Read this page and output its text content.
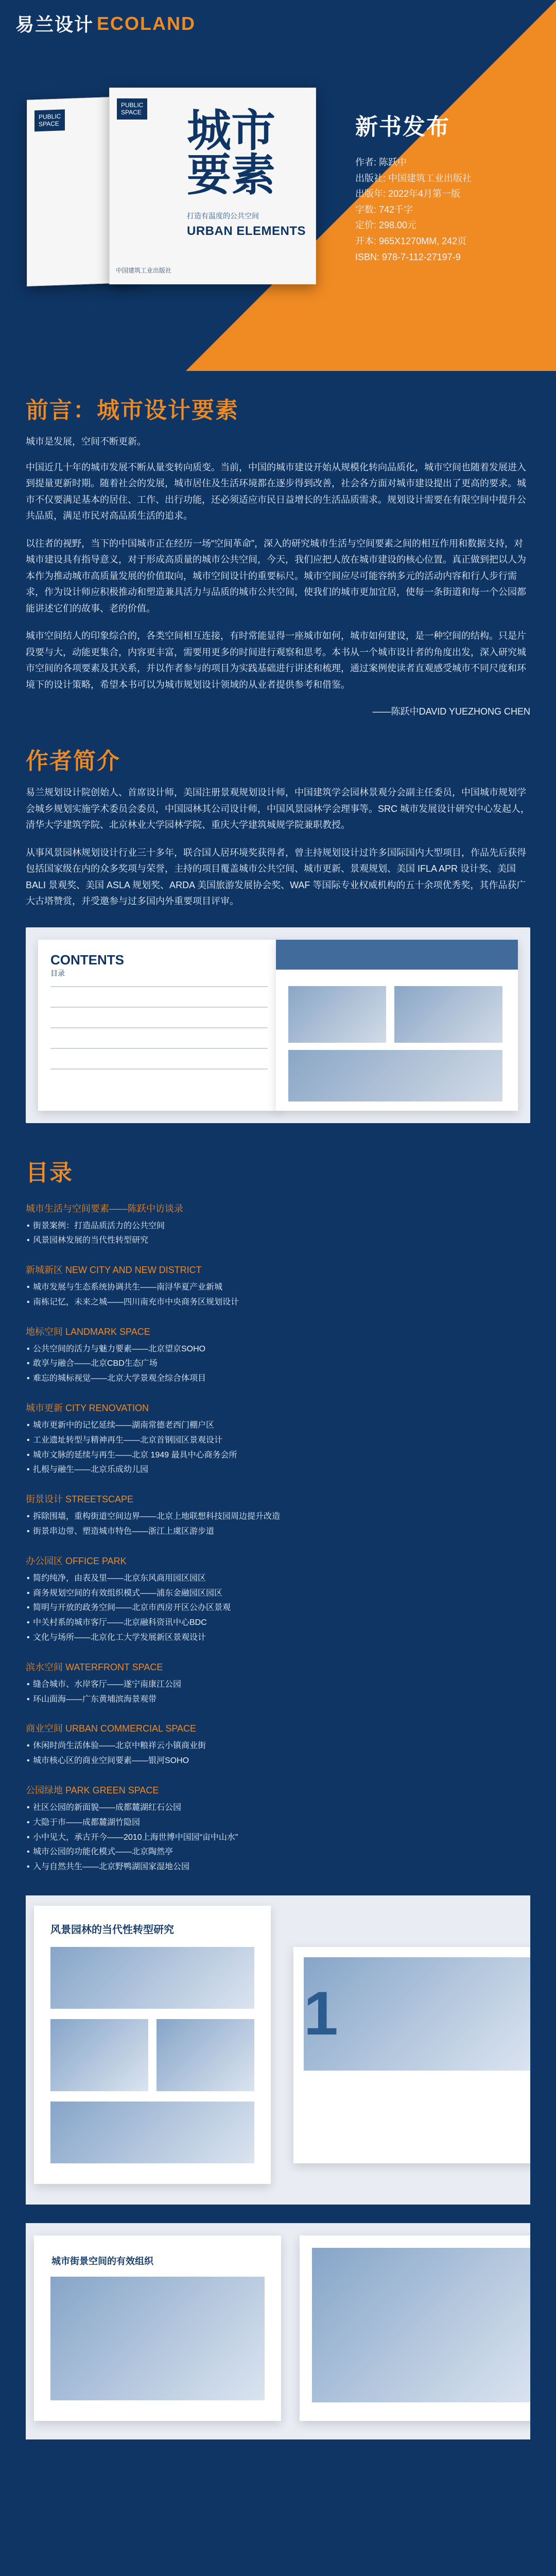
易兰设计 ECOLAND
PUBLIC
SPACE
PUBLIC
SPACE 城市
要素
打造有温度的公共空间
URBAN ELEMENTS
中国建筑工业出版社
新书发布
作者: 陈跃中
出版社: 中国建筑工业出版社
出版年: 2022年4月第一版
字数: 742千字
定价: 298.00元
开本: 965X1270MM, 242页
ISBN: 978-7-112-27197-9
前言：城市设计要素

城市是发展，空间不断更新。

中国近几十年的城市发展不断从量变转向质变。当前，中国的城市建设开始从规模化转向品质化，城市空间也随着发展进入到提量更新时期。随着社会的发展，城市居住及生活环境都在逐步得到改善，社会各方面对城市建设提出了更高的要求。城市不仅要满足基本的居住、工作、出行功能，还必须适应市民日益增长的生活品质需求。规划设计需要在有限空间中提升公共品质，满足市民对高品质生活的追求。

以往者的视野，当下的中国城市正在经历一场“空间革命”，深入的研究城市生活与空间要素之间的相互作用和数据支持，对城市建设具有指导意义，对于形成高质量的城市公共空间，今天，我们应把人放在城市建设的核心位置。真正做到把以人为本作为推动城市高质量发展的价值取向，城市空间设计的重要标尺。城市空间应尽可能容纳多元的活动内容和行人步行需求，作为设计师应积极推动和塑造兼具活力与品质的城市公共空间，使我们的城市更加宜居，使每一条街道和每一个公园都能讲述它们的故事、老的价值。

城市空间结人的印象综合的，各类空间相互连接，有时常能显得一座城市如何，城市如何建设，是一种空间的结构。只是片段要与大，动能更集合，内容更丰富，需要用更多的时间进行观察和思考。本书从一个城市设计者的角度出发，深入研究城市空间的各项要素及其关系，并以作者参与的项目为实践基础进行讲述和梳理，通过案例使读者直观感受城市不同尺度和环境下的设计策略，希望本书可以为城市规划设计领域的从业者提供参考和借鉴。

——陈跃中DAVID YUEZHONG CHEN
作者简介

易兰规划设计院创始人、首席设计师，美国注册景观规划设计师，中国建筑学会园林景观分会副主任委员，中国城市规划学会城乡规划实施学术委员会委员，中国园林其公司设计师，中国风景园林学会理事等。SRC 城市发展设计研究中心发起人，清华大学建筑学院、北京林业大学园林学院、重庆大学建筑城规学院兼职教授。

从事风景园林规划设计行业三十多年，联合国人居环境奖获得者，曾主持规划设计过许多国际国内大型项目，作品先后获得包括国家级在内的众多奖项与荣誉，主持的项目覆盖城市公共空间、城市更新、景观规划、美国 IFLA APR 设计奖、美国 BALI 景观奖、美国 ASLA 规划奖、ARDA 美国旅游发展协会奖、WAF 等国际专业权威机构的五十余项优秀奖，其作品获广大古塔赞赏，并受邀参与过多国内外重要项目评审。

CONTENTS
目录
目录
城市生活与空间要素——陈跃中访谈录
• 街景案例：打造品质活力的公共空间
• 风景园林发展的当代性转型研究
新城新区 NEW CITY AND NEW DISTRICT
• 城市发展与生态系统协调共生——南浔华夏产业新城
• 南栋记忆，未来之城——四川南充市中央商务区规划设计
地标空间 LANDMARK SPACE
• 公共空间的活力与魅力要素——北京望京SOHO
• 敢享与融合——北京CBD生态广场
• 难忘的城标视觉——北京大学景观全综合体项目
城市更新 CITY RENOVATION
• 城市更新中的记忆延续——湖南常德老西门棚户区
• 工业遗址转型与精神再生——北京首钢园区景观设计
• 城市文脉的延续与再生——北京 1949 最具中心商务会所
• 扎根与融生——北京乐成幼儿园
街景设计 STREETSCAPE
• 拆除围墙，重构街道空间边界——北京上地联想科技园周边提升改造
• 街景串边带、塑造城市特色——浙江上虞区游步道
办公园区 OFFICE PARK
• 简约纯净，由表及里——北京东风商用园区园区
• 商务规划空间的有效组织模式——浦东金融园区园区
• 简明与开放的政务空间——北京市西房开区公办区景观
• 中关村系的城市客厅——北京融科资讯中心BDC
• 文化与场所——北京化工大学发展新区景观设计
滨水空间 WATERFRONT SPACE
• 缝合城市、水岸客厅——遂宁南康江公园
• 环山面海——广东黄埔滨海景观带
商业空间 URBAN COMMERCIAL SPACE
• 休闲时尚生活体验——北京中粮祥云小镇商业街
• 城市核心区的商业空间要素——银河SOHO
公园绿地 PARK GREEN SPACE
• 社区公园的新面貌——成都麓湖红石公园
• 大隐于市——成都麓湖竹隐园
• 小中见大，承古开今——2010上海世博中国园“亩中山水”
• 城市公园的功能化模式——北京陶然亭
• 入与自然共生——北京野鸭湖国家湿地公园
风景园林的当代性转型研究
1
城市街景空间的有效组织
